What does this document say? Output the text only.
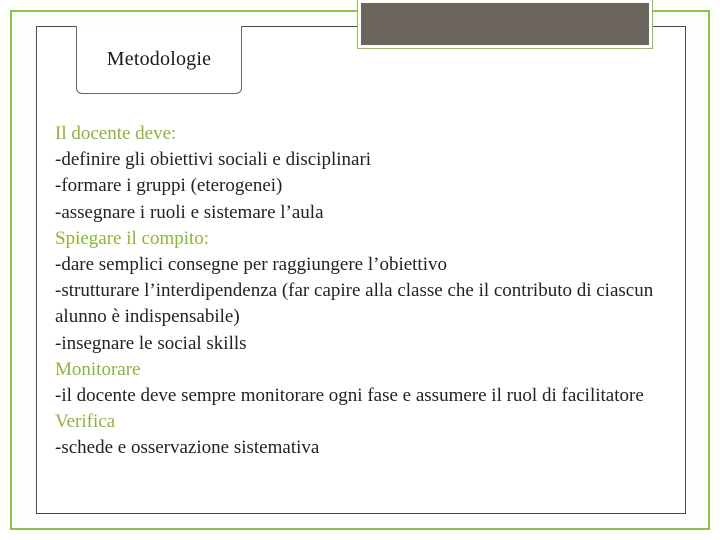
Metodologie
Il docente deve:
-definire gli obiettivi sociali e disciplinari
-formare i gruppi (eterogenei)
-assegnare i ruoli e sistemare l’aula
Spiegare il compito:
-dare semplici consegne per raggiungere l’obiettivo
-strutturare l’interdipendenza (far capire alla classe che il contributo di ciascun alunno è indispensabile)
-insegnare le social skills
Monitorare
-il docente deve sempre monitorare ogni fase e assumere il ruol di facilitatore
Verifica
-schede e osservazione sistemativa
